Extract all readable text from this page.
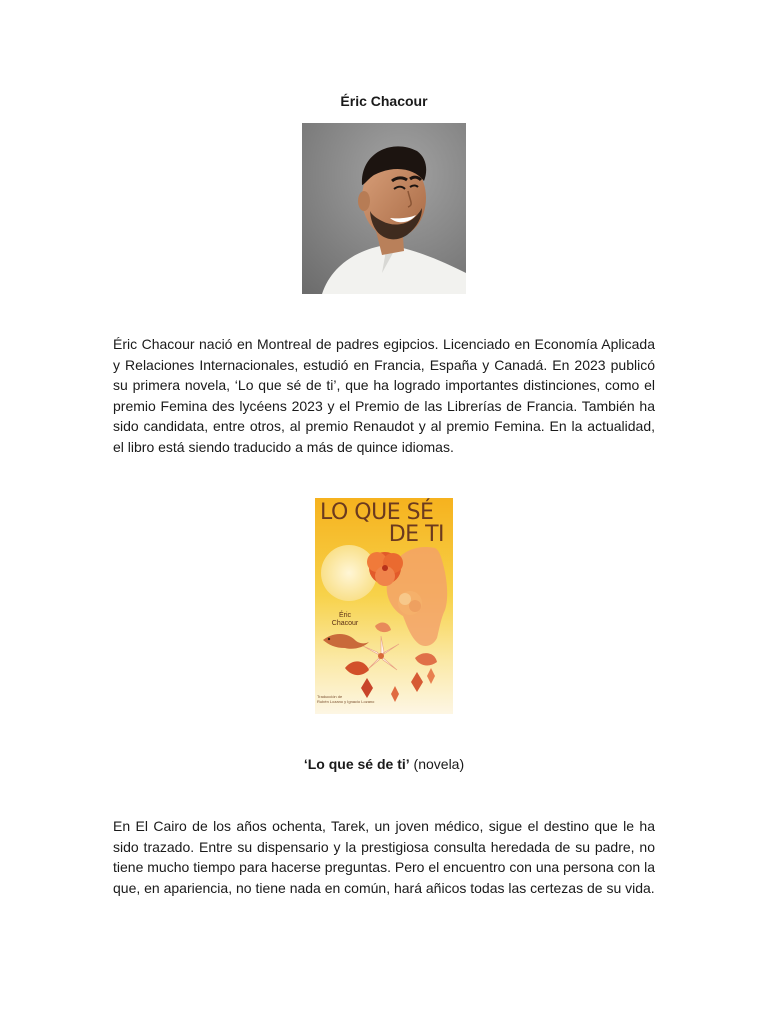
Éric Chacour

Éric Chacour nació en Montreal de padres egipcios. Licenciado en Economía Aplicada y Relaciones Internacionales, estudió en Francia, España y Canadá. En 2023 publicó su primera novela, ‘Lo que sé de ti’, que ha logrado importantes distinciones, como el premio Femina des lycéens 2023 y el Premio de las Librerías de Francia. También ha sido candidata, entre otros, al premio Renaudot y al premio Femina. En la actualidad, el libro está siendo traducido a más de quince idiomas.

LO QUE SÉ
DE TI

Éric
Chacour
Traducción de
Rubén Lozano y Ignacio Lozano

‘Lo que sé de ti’ (novela)

En El Cairo de los años ochenta, Tarek, un joven médico, sigue el destino que le ha sido trazado. Entre su dispensario y la prestigiosa consulta heredada de su padre, no tiene mucho tiempo para hacerse preguntas. Pero el encuentro con una persona con la que, en apariencia, no tiene nada en común, hará añicos todas las certezas de su vida.
